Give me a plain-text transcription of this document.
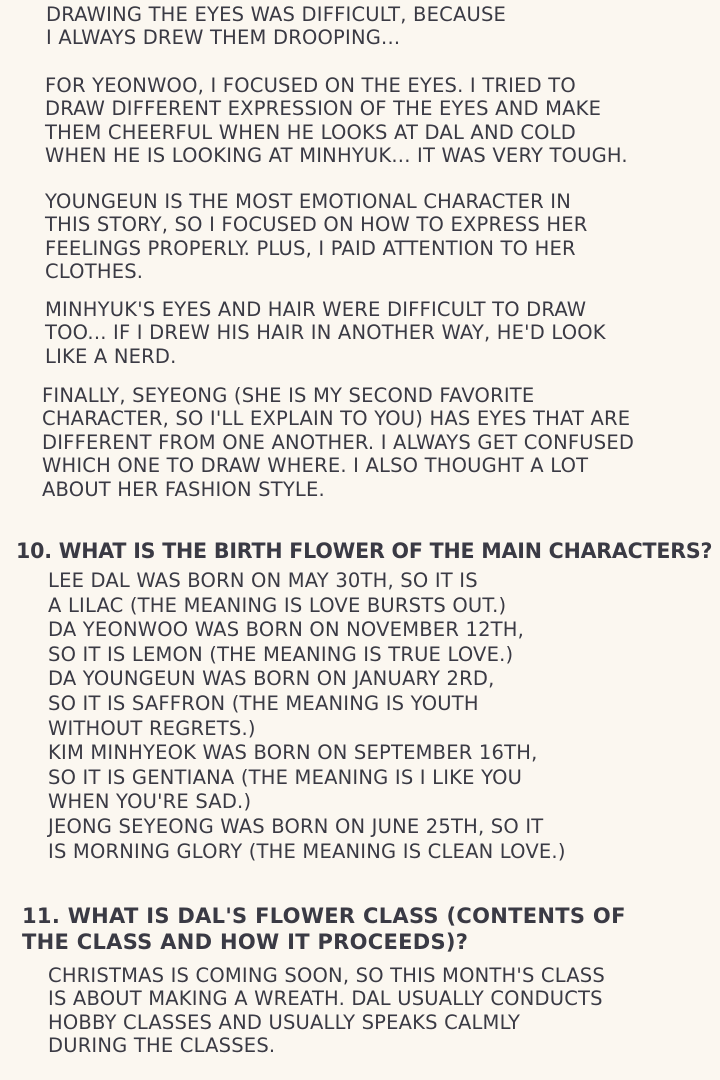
DRAWING THE EYES WAS DIFFICULT, BECAUSE
I ALWAYS DREW THEM DROOPING...
FOR YEONWOO, I FOCUSED ON THE EYES. I TRIED TO
DRAW DIFFERENT EXPRESSION OF THE EYES AND MAKE
THEM CHEERFUL WHEN HE LOOKS AT DAL AND COLD
WHEN HE IS LOOKING AT MINHYUK... IT WAS VERY TOUGH.
YOUNGEUN IS THE MOST EMOTIONAL CHARACTER IN
THIS STORY, SO I FOCUSED ON HOW TO EXPRESS HER
FEELINGS PROPERLY. PLUS, I PAID ATTENTION TO HER
CLOTHES.
MINHYUK'S EYES AND HAIR WERE DIFFICULT TO DRAW
TOO... IF I DREW HIS HAIR IN ANOTHER WAY, HE'D LOOK
LIKE A NERD.
FINALLY, SEYEONG (SHE IS MY SECOND FAVORITE
CHARACTER, SO I'LL EXPLAIN TO YOU) HAS EYES THAT ARE
DIFFERENT FROM ONE ANOTHER. I ALWAYS GET CONFUSED
WHICH ONE TO DRAW WHERE. I ALSO THOUGHT A LOT
ABOUT HER FASHION STYLE.
10. WHAT IS THE BIRTH FLOWER OF THE MAIN CHARACTERS?
LEE DAL WAS BORN ON MAY 30TH, SO IT IS
A LILAC (THE MEANING IS LOVE BURSTS OUT.)
DA YEONWOO WAS BORN ON NOVEMBER 12TH,
SO IT IS LEMON (THE MEANING IS TRUE LOVE.)
DA YOUNGEUN WAS BORN ON JANUARY 2RD,
SO IT IS SAFFRON (THE MEANING IS YOUTH
WITHOUT REGRETS.)
KIM MINHYEOK WAS BORN ON SEPTEMBER 16TH,
SO IT IS GENTIANA (THE MEANING IS I LIKE YOU
WHEN YOU'RE SAD.)
JEONG SEYEONG WAS BORN ON JUNE 25TH, SO IT
IS MORNING GLORY (THE MEANING IS CLEAN LOVE.)
11. WHAT IS DAL'S FLOWER CLASS (CONTENTS OF
THE CLASS AND HOW IT PROCEEDS)?
CHRISTMAS IS COMING SOON, SO THIS MONTH'S CLASS
IS ABOUT MAKING A WREATH. DAL USUALLY CONDUCTS
HOBBY CLASSES AND USUALLY SPEAKS CALMLY
DURING THE CLASSES.
